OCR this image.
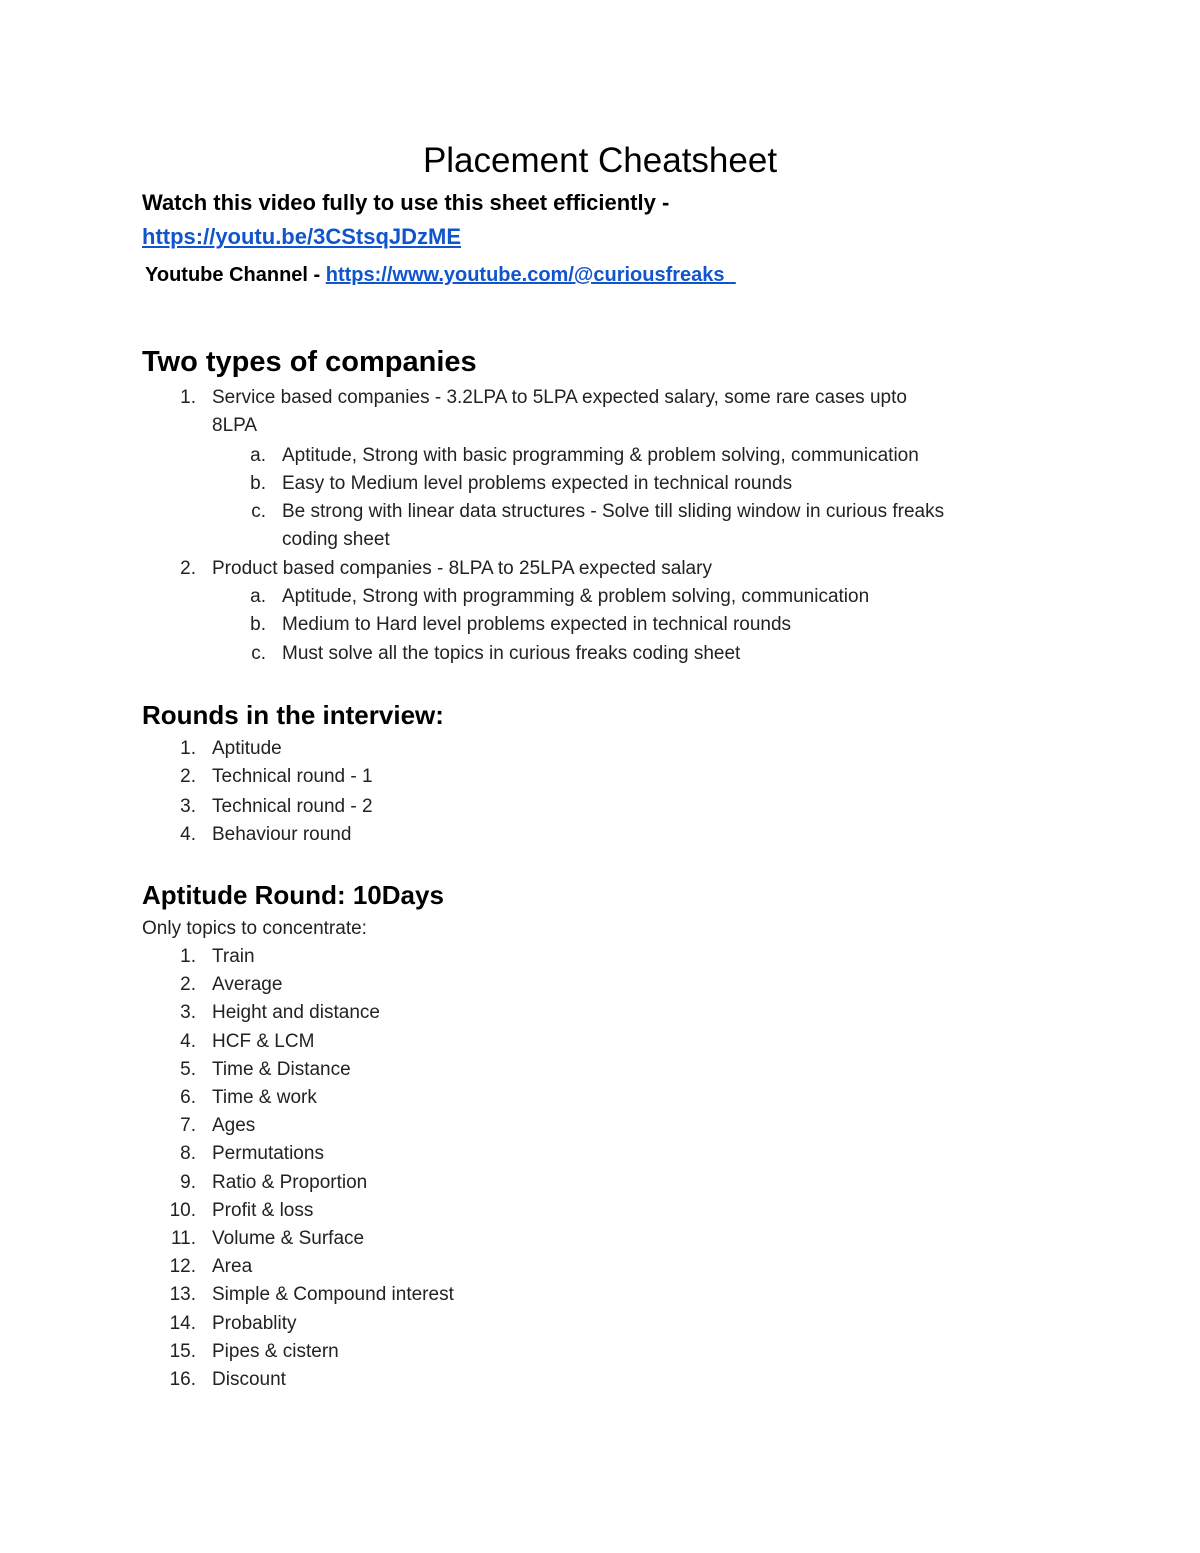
Placement Cheatsheet
Watch this video fully to use this sheet efficiently -
https://youtu.be/3CStsqJDzME
Youtube Channel - https://www.youtube.com/@curiousfreaks_
Two types of companies
1. Service based companies - 3.2LPA to 5LPA expected salary, some rare cases upto
8LPA
a. Aptitude, Strong with basic programming & problem solving, communication
b. Easy to Medium level problems expected in technical rounds
c. Be strong with linear data structures - Solve till sliding window in curious freaks
coding sheet
2. Product based companies - 8LPA to 25LPA expected salary
a. Aptitude, Strong with programming & problem solving, communication
b. Medium to Hard level problems expected in technical rounds
c. Must solve all the topics in curious freaks coding sheet
Rounds in the interview:
1. Aptitude
2. Technical round - 1
3. Technical round - 2
4. Behaviour round
Aptitude Round: 10Days
Only topics to concentrate:
1. Train
2. Average
3. Height and distance
4. HCF & LCM
5. Time & Distance
6. Time & work
7. Ages
8. Permutations
9. Ratio & Proportion
10. Profit & loss
11. Volume & Surface
12. Area
13. Simple & Compound interest
14. Probablity
15. Pipes & cistern
16. Discount
